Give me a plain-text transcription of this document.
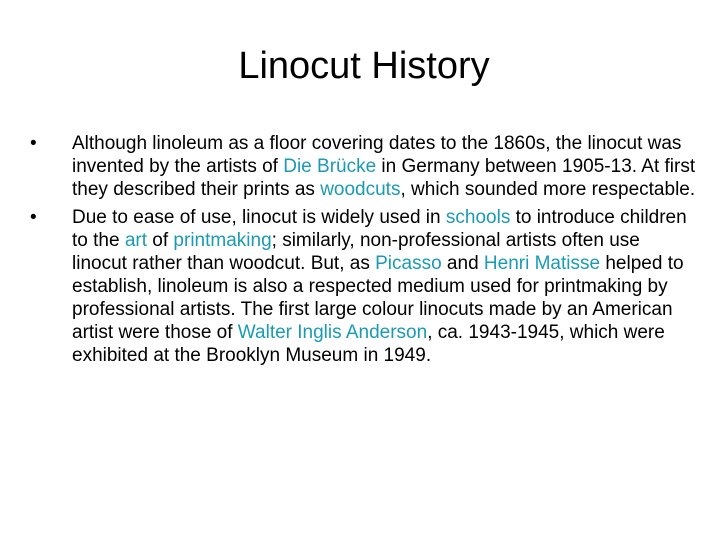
Linocut History
•	Although linoleum as a floor covering dates to the 1860s, the linocut was invented by the artists of Die Brücke in Germany between 1905-13. At first they described their prints as woodcuts, which sounded more respectable.
•	Due to ease of use, linocut is widely used in schools to introduce children to the art of printmaking; similarly, non-professional artists often use linocut rather than woodcut. But, as Picasso and Henri Matisse helped to establish, linoleum is also a respected medium used for printmaking by professional artists. The first large colour linocuts made by an American artist were those of Walter Inglis Anderson, ca. 1943-1945, which were exhibited at the Brooklyn Museum in 1949.
